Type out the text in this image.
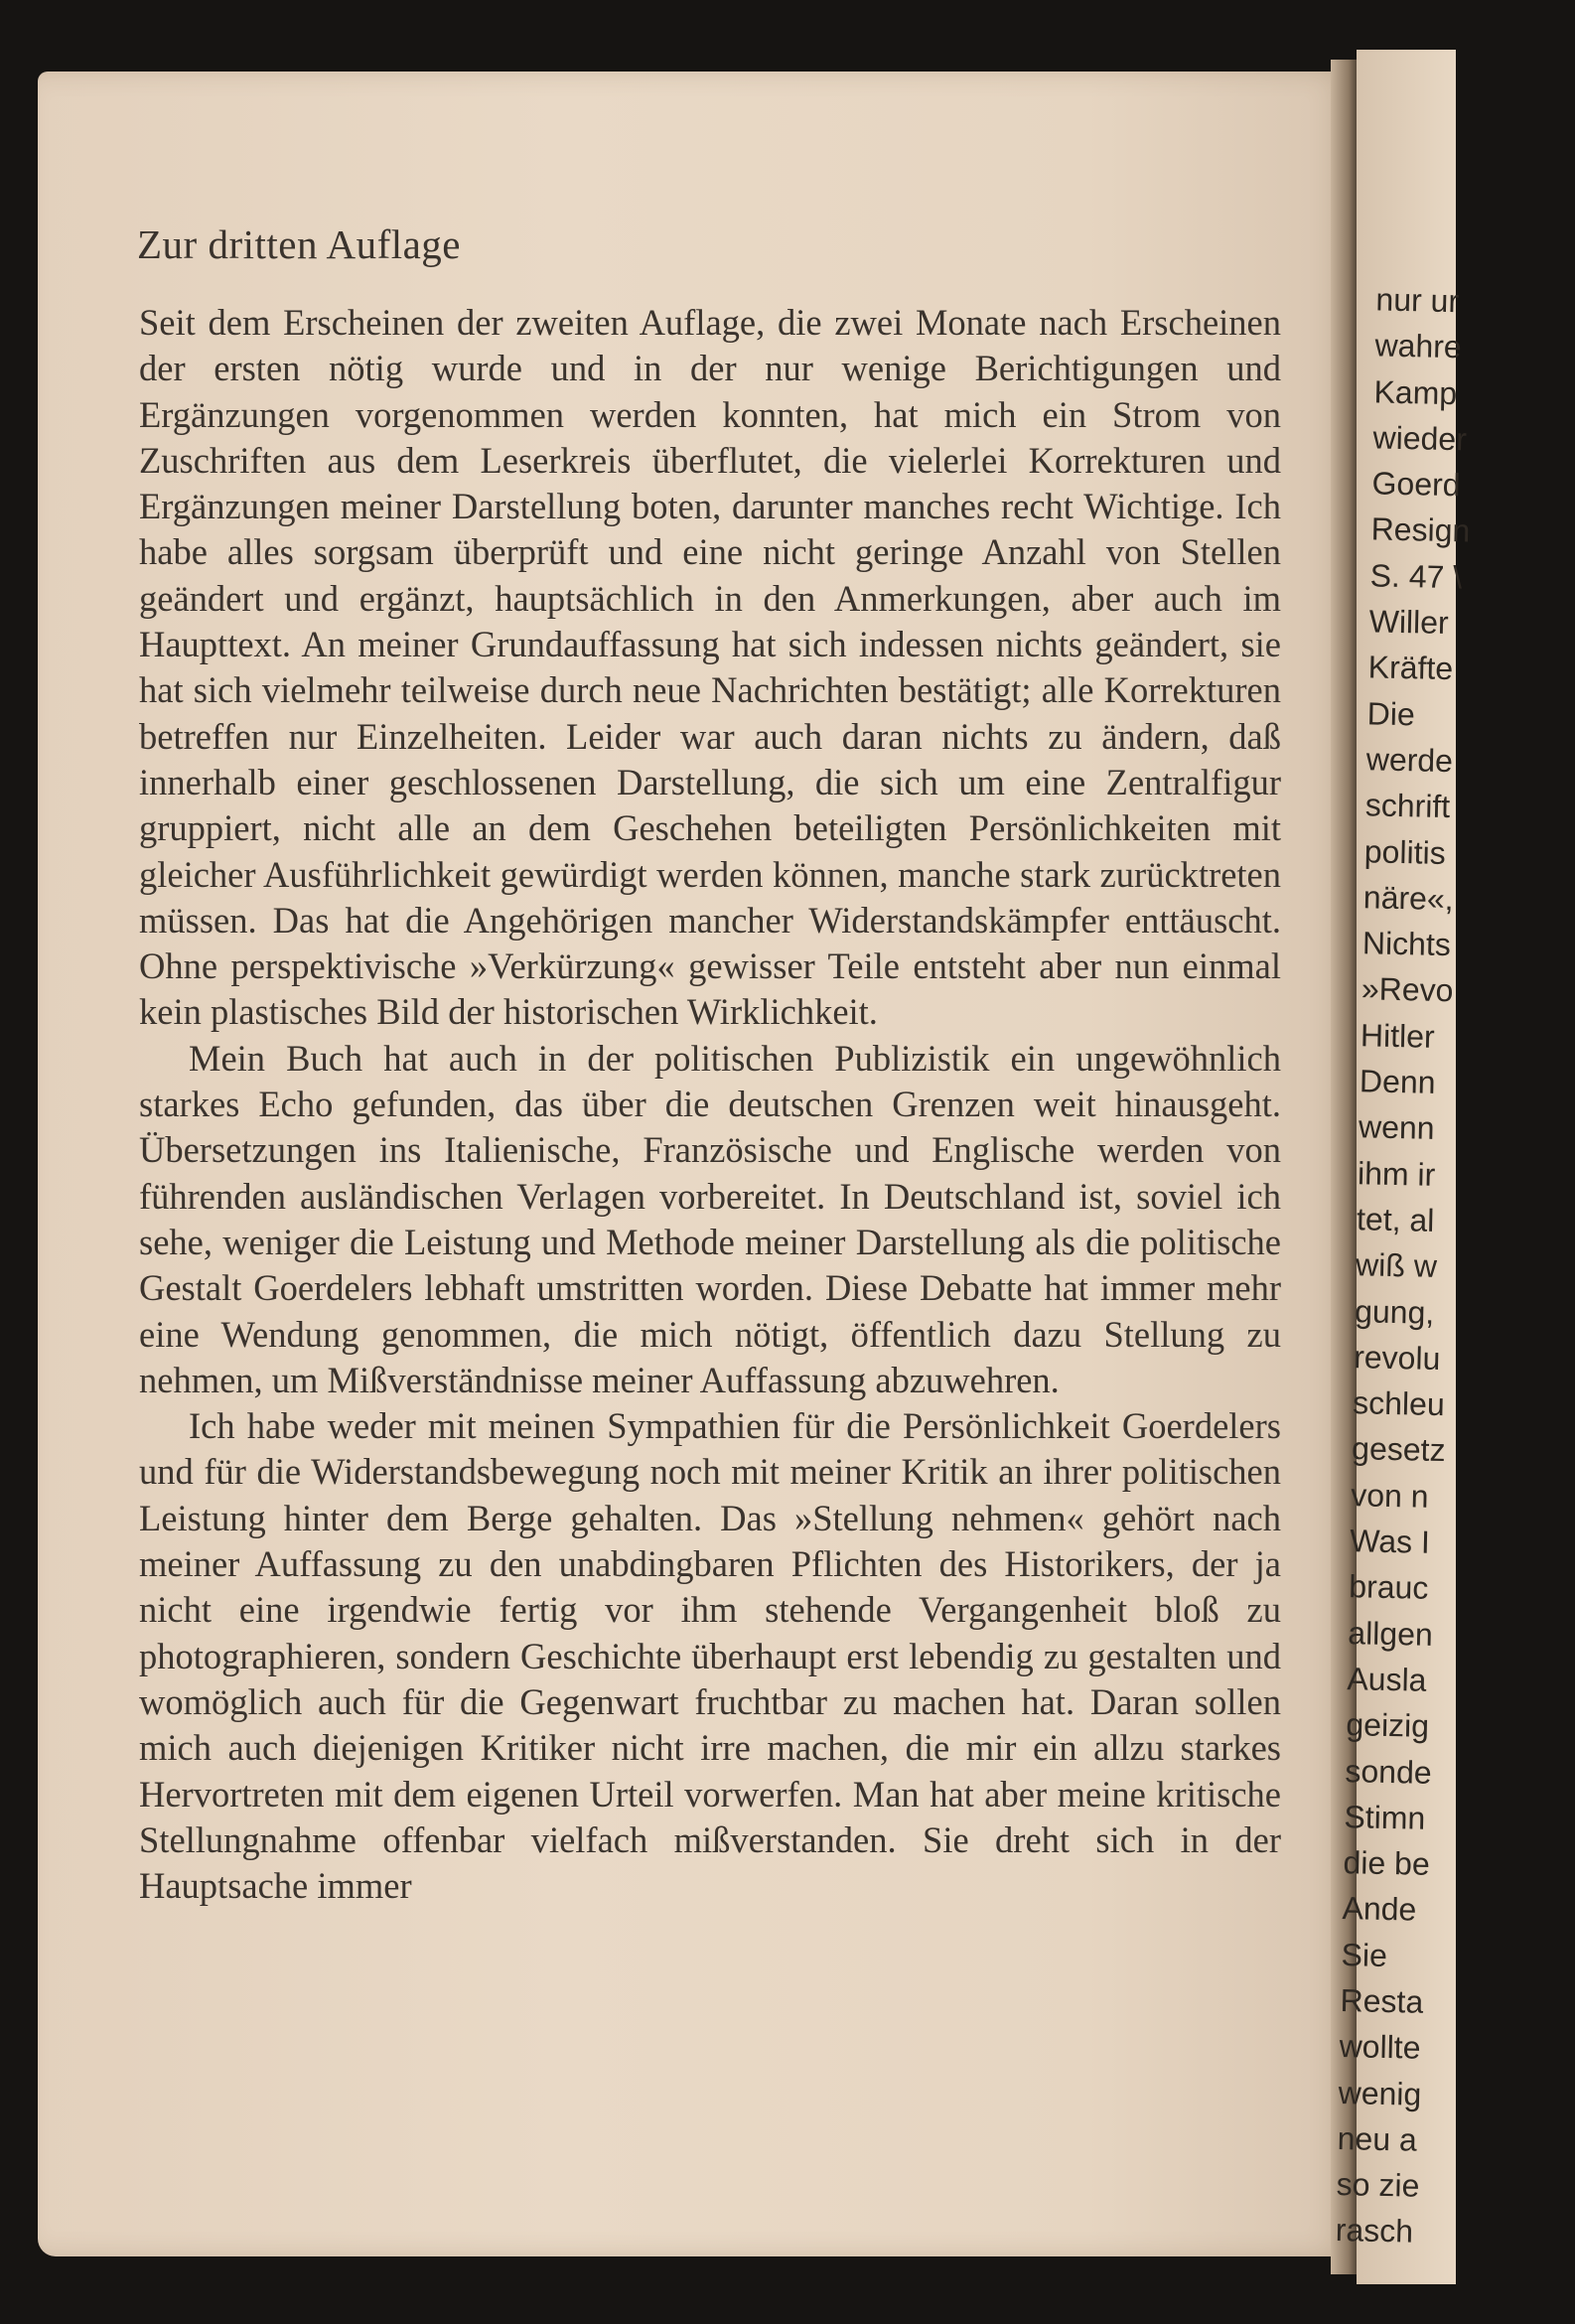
nur ur
wahre
Kamp
wieder
Goerd
Resign
S. 47 \
Willer
Kräfte
Die
werde
schrift
politis
näre«,
Nichts
»Revo
Hitler
Denn
wenn
ihm ir
tet, al
wiß w
gung,
revolu
schleu
gesetz
von n
Was I
brauc
allgen
Ausla
geizig
sonde
Stimn
die be
Ande
Sie
Resta
wollte
wenig
neu a
so zie
rasch
Zur dritten Auflage

Seit dem Erscheinen der zweiten Auflage, die zwei Monate nach Erscheinen der ersten nötig wurde und in der nur wenige Berichtigungen und Ergänzungen vorgenommen werden konnten, hat mich ein Strom von Zuschriften aus dem Leserkreis überflutet, die vielerlei Korrekturen und Ergänzungen meiner Darstellung boten, darunter manches recht Wichtige. Ich habe alles sorgsam überprüft und eine nicht geringe Anzahl von Stellen geändert und ergänzt, hauptsächlich in den Anmerkungen, aber auch im Haupttext. An meiner Grundauffassung hat sich indessen nichts geändert, sie hat sich vielmehr teilweise durch neue Nachrichten bestätigt; alle Korrekturen betreffen nur Einzelheiten. Leider war auch daran nichts zu ändern, daß innerhalb einer geschlossenen Darstellung, die sich um eine Zentralfigur gruppiert, nicht alle an dem Geschehen beteiligten Persönlichkeiten mit gleicher Ausführlichkeit gewürdigt werden können, manche stark zurücktreten müssen. Das hat die Angehörigen mancher Widerstandskämpfer enttäuscht. Ohne perspektivische »Verkürzung« gewisser Teile entsteht aber nun einmal kein plastisches Bild der historischen Wirklichkeit.

Mein Buch hat auch in der politischen Publizistik ein ungewöhnlich starkes Echo gefunden, das über die deutschen Grenzen weit hinausgeht. Übersetzungen ins Italienische, Französische und Englische werden von führenden ausländischen Verlagen vorbereitet. In Deutschland ist, soviel ich sehe, weniger die Leistung und Methode meiner Darstellung als die politische Gestalt Goerdelers lebhaft umstritten worden. Diese Debatte hat immer mehr eine Wendung genommen, die mich nötigt, öffentlich dazu Stellung zu nehmen, um Mißverständnisse meiner Auffassung abzuwehren.

Ich habe weder mit meinen Sympathien für die Persönlichkeit Goerdelers und für die Widerstandsbewegung noch mit meiner Kritik an ihrer politischen Leistung hinter dem Berge gehalten. Das »Stellung nehmen« gehört nach meiner Auffassung zu den unabdingbaren Pflichten des Historikers, der ja nicht eine irgendwie fertig vor ihm stehende Vergangenheit bloß zu photographieren, sondern Geschichte überhaupt erst lebendig zu gestalten und womöglich auch für die Gegenwart fruchtbar zu machen hat. Daran sollen mich auch diejenigen Kritiker nicht irre machen, die mir ein allzu starkes Hervortreten mit dem eigenen Urteil vorwerfen. Man hat aber meine kritische Stellungnahme offenbar vielfach mißverstanden. Sie dreht sich in der Hauptsache immer
